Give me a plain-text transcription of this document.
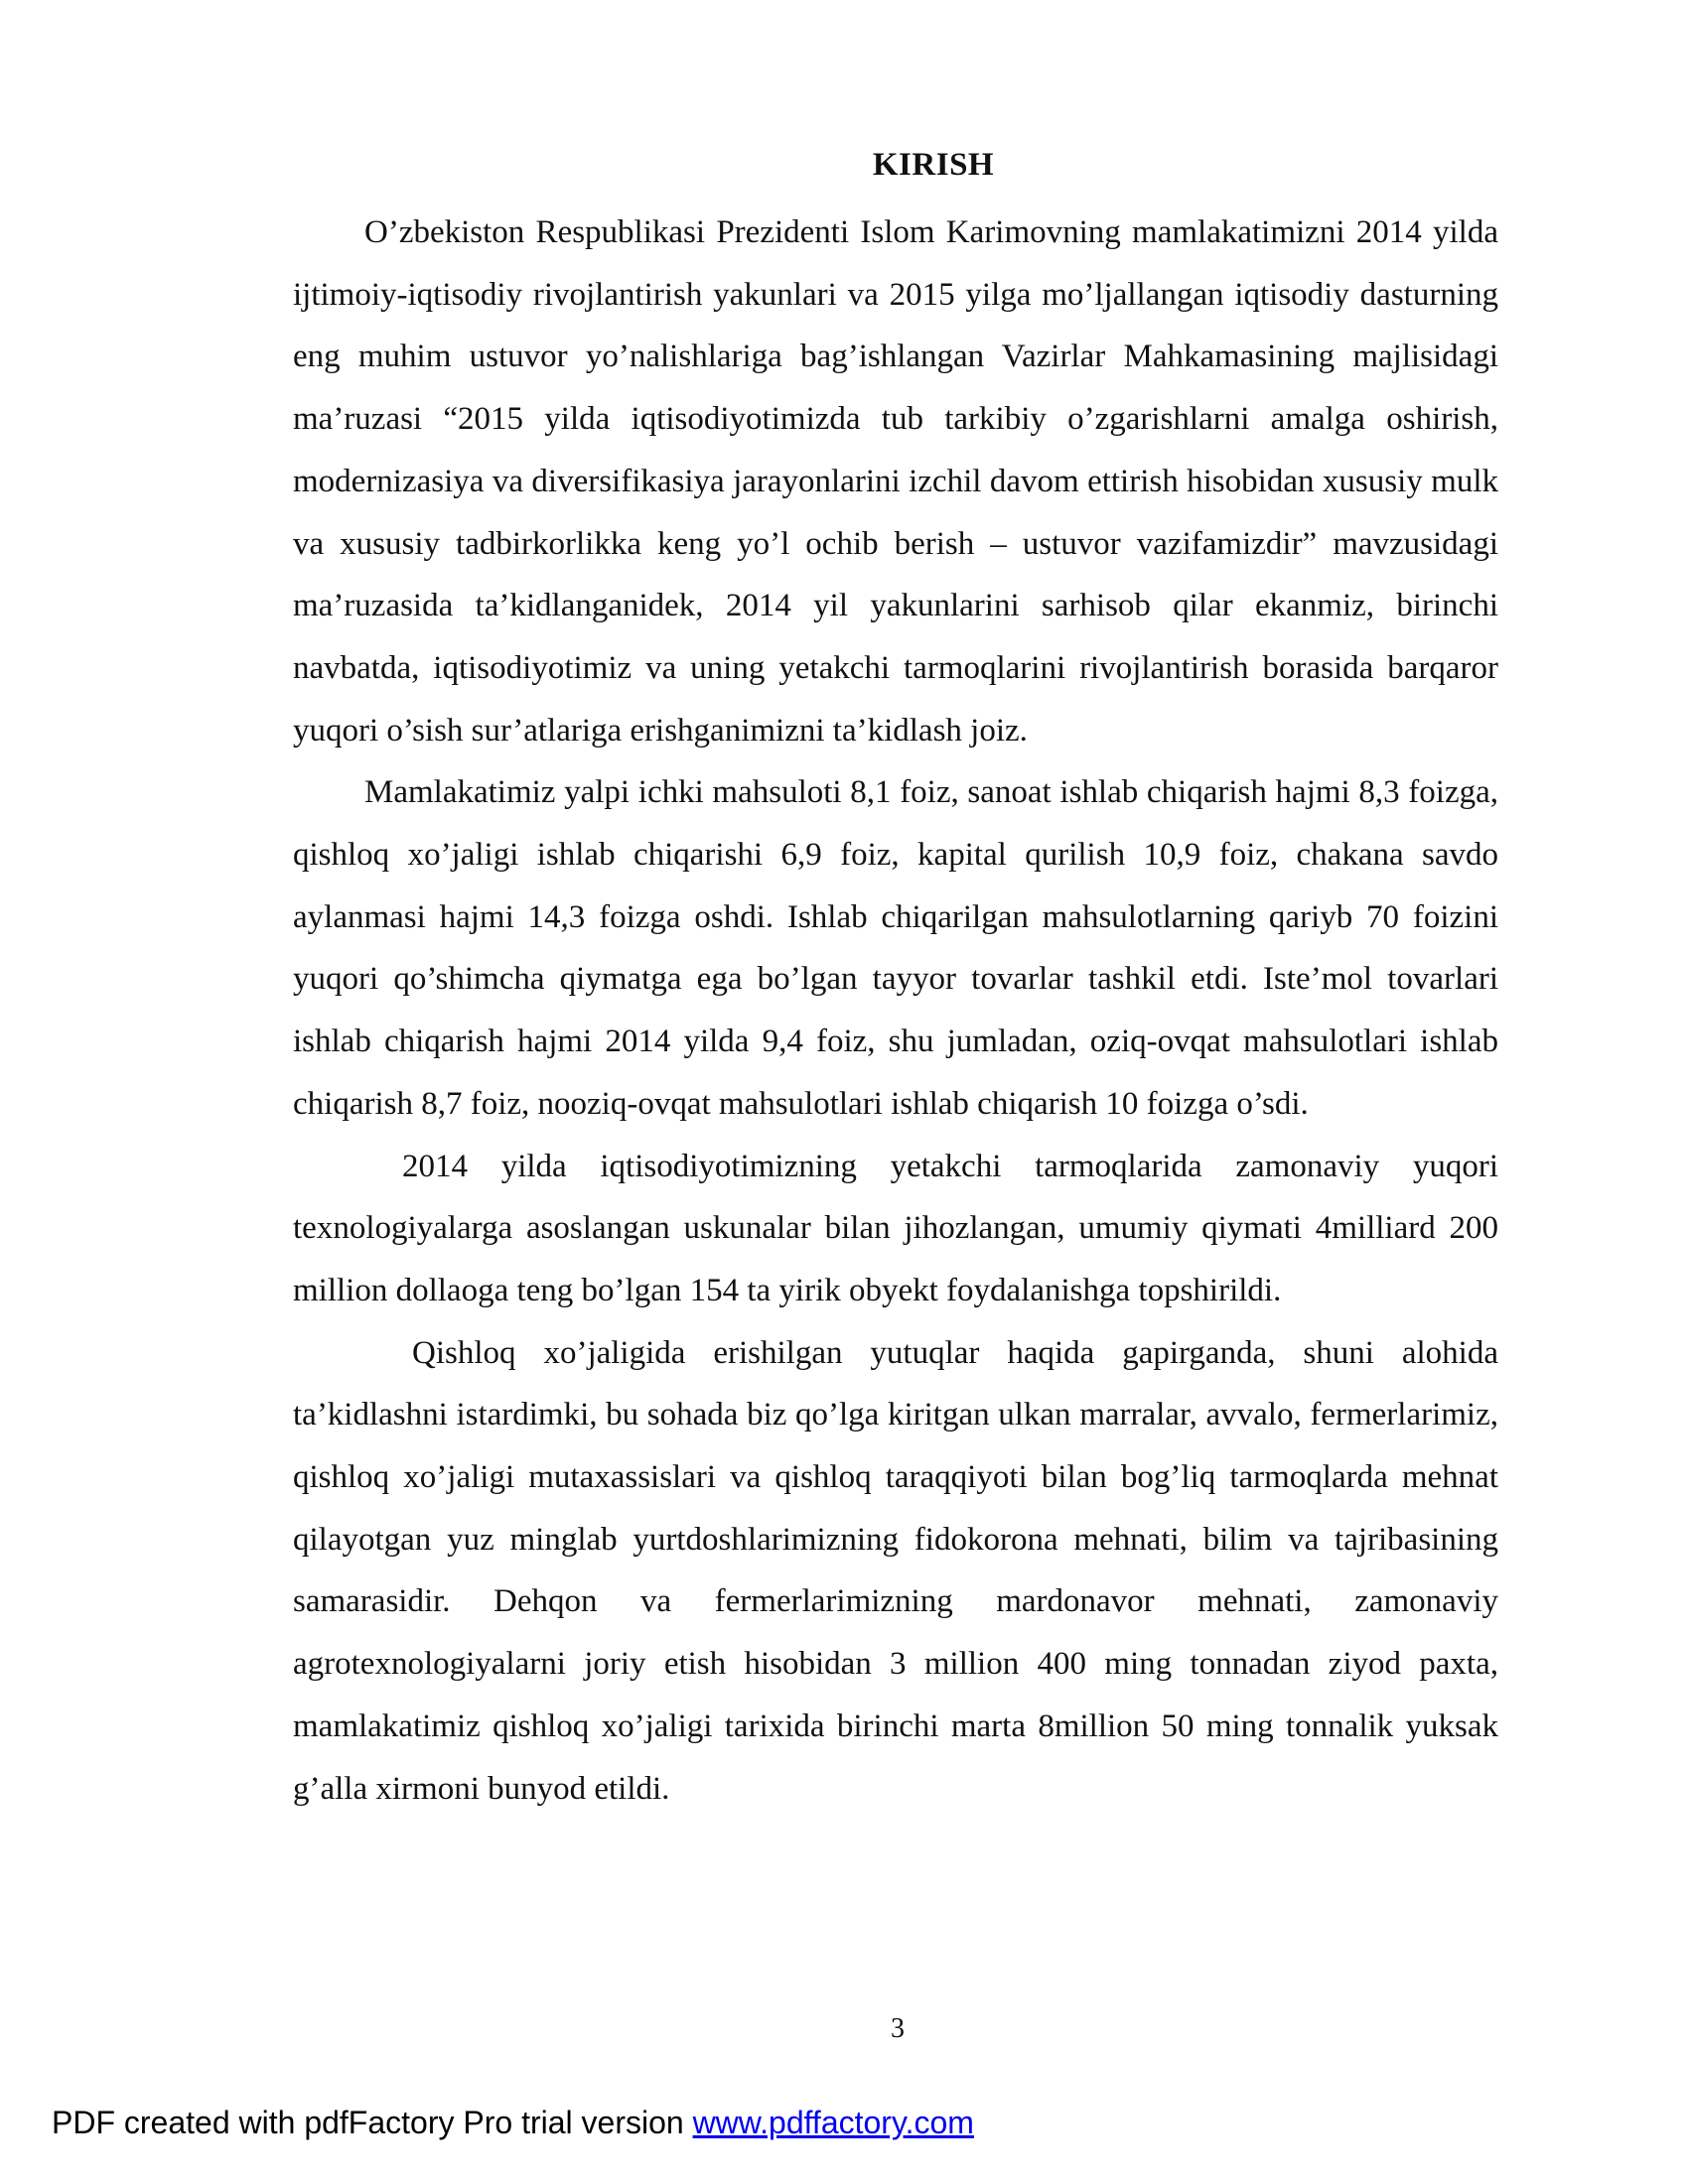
KIRISH

O’zbekiston Respublikasi Prezidenti Islom Karimovning mamlakatimizni 2014 yilda ijtimoiy-iqtisodiy rivojlantirish yakunlari va 2015 yilga mo’ljallangan iqtisodiy dasturning eng muhim ustuvor yo’nalishlariga bag’ishlangan Vazirlar Mahkamasining majlisidagi ma’ruzasi “2015 yilda iqtisodiyotimizda tub tarkibiy o’zgarishlarni amalga oshirish, modernizasiya va diversifikasiya jarayonlarini izchil davom ettirish hisobidan xususiy mulk va xususiy tadbirkorlikka keng yo’l ochib berish – ustuvor vazifamizdir” mavzusidagi ma’ruzasida ta’kidlanganidek, 2014 yil yakunlarini sarhisob qilar ekanmiz, birinchi navbatda, iqtisodiyotimiz va uning yetakchi tarmoqlarini rivojlantirish borasida barqaror yuqori o’sish sur’atlariga erishganimizni ta’kidlash joiz.

Mamlakatimiz yalpi ichki mahsuloti 8,1 foiz, sanoat ishlab chiqarish hajmi 8,3 foizga, qishloq xo’jaligi ishlab chiqarishi 6,9 foiz, kapital qurilish 10,9 foiz, chakana savdo aylanmasi hajmi 14,3 foizga oshdi. Ishlab chiqarilgan mahsulotlarning qariyb 70 foizini yuqori qo’shimcha qiymatga ega bo’lgan tayyor tovarlar tashkil etdi. Iste’mol tovarlari ishlab chiqarish hajmi 2014 yilda 9,4 foiz, shu jumladan, oziq-ovqat mahsulotlari ishlab chiqarish 8,7 foiz, nooziq-ovqat mahsulotlari ishlab chiqarish 10 foizga o’sdi.

2014 yilda iqtisodiyotimizning yetakchi tarmoqlarida zamonaviy yuqori texnologiyalarga asoslangan uskunalar bilan jihozlangan, umumiy qiymati 4milliard 200 million dollaoga teng bo’lgan 154 ta yirik obyekt foydalanishga topshirildi.

Qishloq xo’jaligida erishilgan yutuqlar haqida gapirganda, shuni alohida ta’kidlashni istardimki, bu sohada biz qo’lga kiritgan ulkan marralar, avvalo, fermerlarimiz, qishloq xo’jaligi mutaxassislari va qishloq taraqqiyoti bilan bog’liq tarmoqlarda mehnat qilayotgan yuz minglab yurtdoshlarimizning fidokorona mehnati, bilim va tajribasining samarasidir. Dehqon va fermerlarimizning mardonavor mehnati, zamonaviy agrotexnologiyalarni joriy etish hisobidan 3 million 400 ming tonnadan ziyod paxta, mamlakatimiz qishloq xo’jaligi tarixida birinchi marta 8million 50 ming tonnalik yuksak g’alla xirmoni bunyod etildi.

3
PDF created with pdfFactory Pro trial version www.pdffactory.com
